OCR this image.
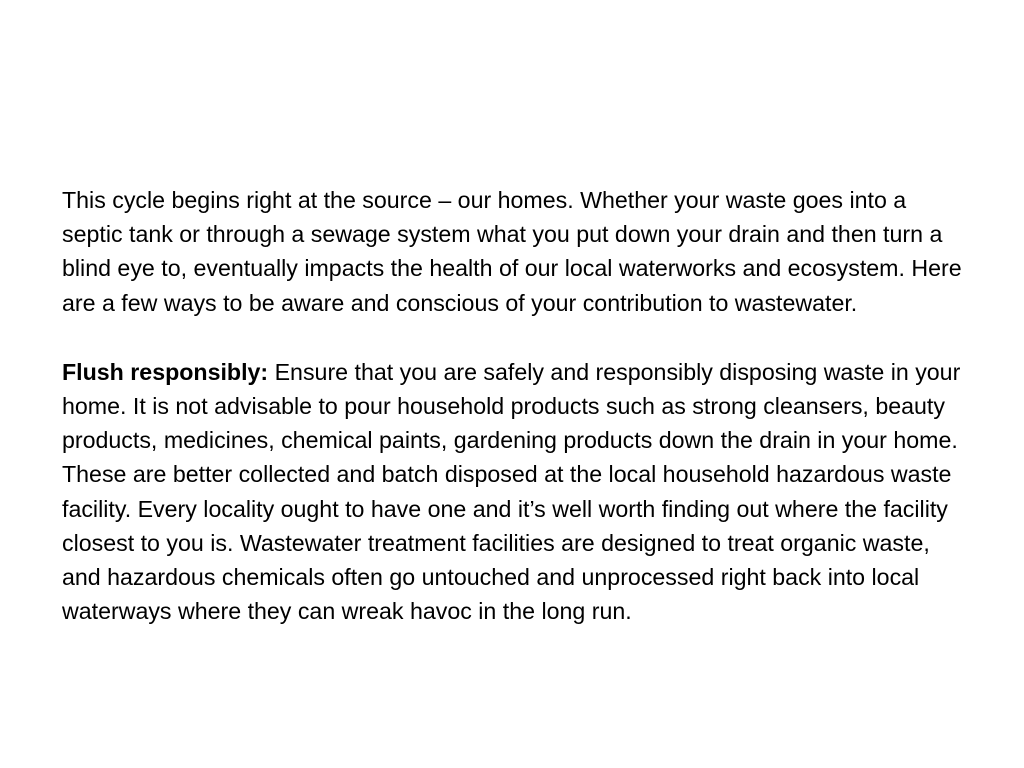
This cycle begins right at the source – our homes. Whether your waste goes into a septic tank or through a sewage system what you put down your drain and then turn a blind eye to, eventually impacts the health of our local waterworks and ecosystem. Here are a few ways to be aware and conscious of your contribution to wastewater.

Flush responsibly: Ensure that you are safely and responsibly disposing waste in your home. It is not advisable to pour household products such as strong cleansers, beauty products, medicines, chemical paints, gardening products down the drain in your home. These are better collected and batch disposed at the local household hazardous waste facility. Every locality ought to have one and it’s well worth finding out where the facility closest to you is. Wastewater treatment facilities are designed to treat organic waste, and hazardous chemicals often go untouched and unprocessed right back into local waterways where they can wreak havoc in the long run.
